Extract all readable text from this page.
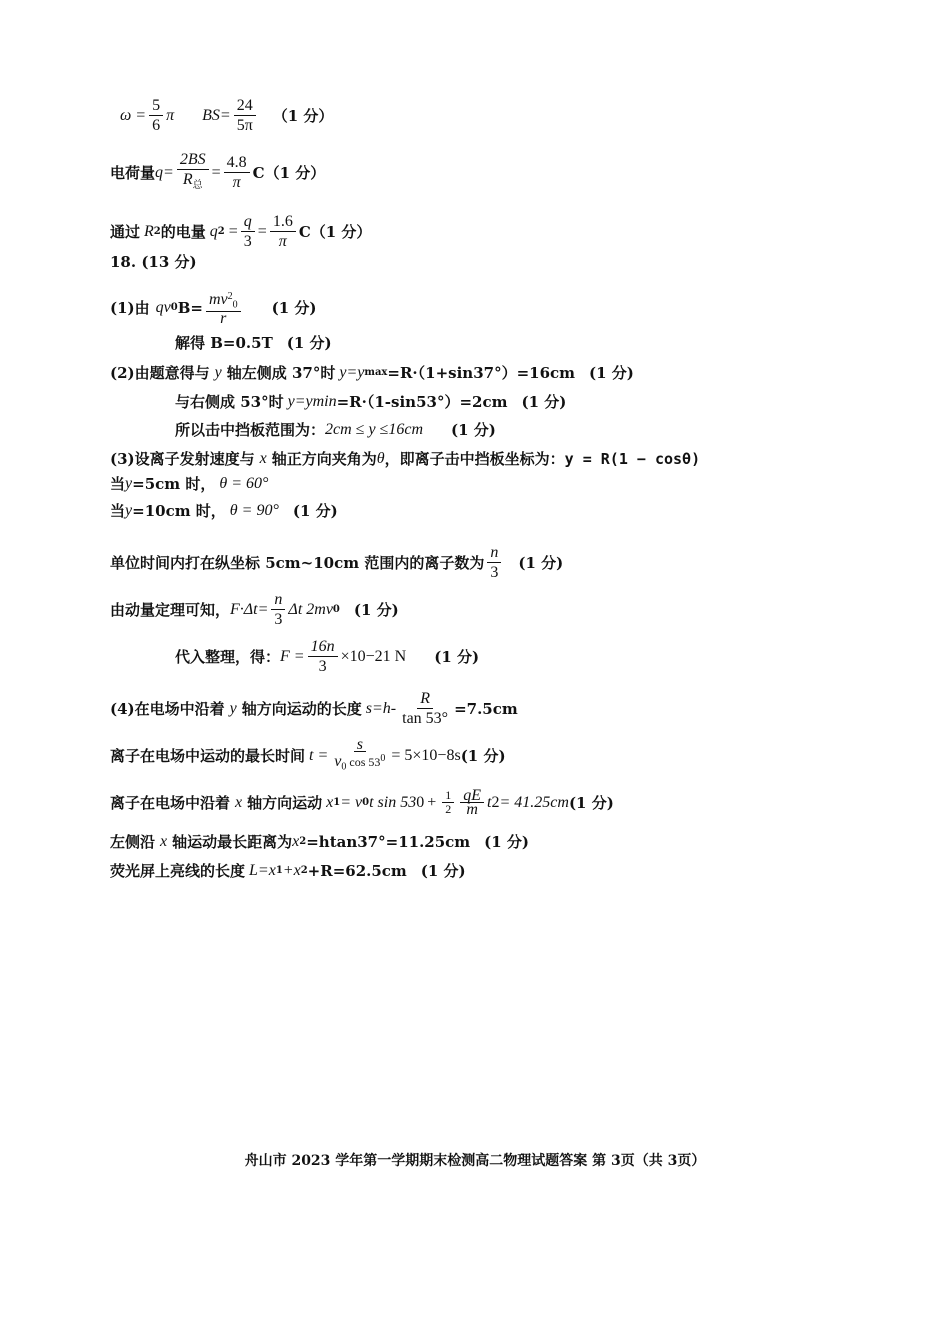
$\omega = \frac{5}{6}$ π $BS= \frac{24}{5\pi} (1$ 分）
电荷量 $q= \frac{2BS}{R_总} = \frac{4.8}{\pi} C(1$ 分）
通过 R 2 的电量 q $2 = \frac{q}{3} = \frac{1.6}{\pi} C(1$ 分）
18. (13 分)
(1)由 qv 0 $B= \frac{mv^2_0}{r} (1$ 分)
解得 B=0.5T (1 分)
(2)由题意得与 y 轴左侧成 37°时 y=y max =R·（1+sin37°）=16cm (1 分)
与右侧成 53°时 y=y min =R·（1-sin53°）=2cm (1 分)
所以击中挡板范围为： 2cm ≤ y ≤16cm (1 分)
(3)设离子发射速度与 x 轴正方向夹角为 θ ，即离子击中挡板坐标为： y = R(1 − cosθ)
当 y =5cm 时， θ = 60°
当 y =10cm 时， θ = 90° (1 分)
单位时间内打在纵坐标 5cm~10cm 范围内的离子数为 $\frac{n}{3} (1$ 分)
由动量定理可知， $F\cdot\Delta t= \frac{n}{3}$ Δt 2mv 0 (1 分)
代入整理，得： $F = \frac{16n}{3} \times 10 -21$ N (1 分)
(4)在电场中沿着 y 轴方向运动的长度 $s=h- \frac{R}{\tan 53^\circ} =7.5cm$
离子在电场中运动的最长时间 $t = \frac{s}{v_0 \cos 53^0} = 5\times 10 -8$ s (1 分)
离子在电场中沿着 x 轴方向运动 x 1 = v 0 t sin 53 $0 + \frac{1}{2} \frac{qE}{m}$ t 2 = 41.25cm (1 分)
左侧沿 x 轴运动最长距离为 x 2 =htan37°=11.25cm (1 分)
荧光屏上亮线的长度 L=x 1 +x 2 +R=62.5cm (1 分)
舟山市 2023 学年第一学期期末检测高二物理试题答案 第 3页（共 3页）
